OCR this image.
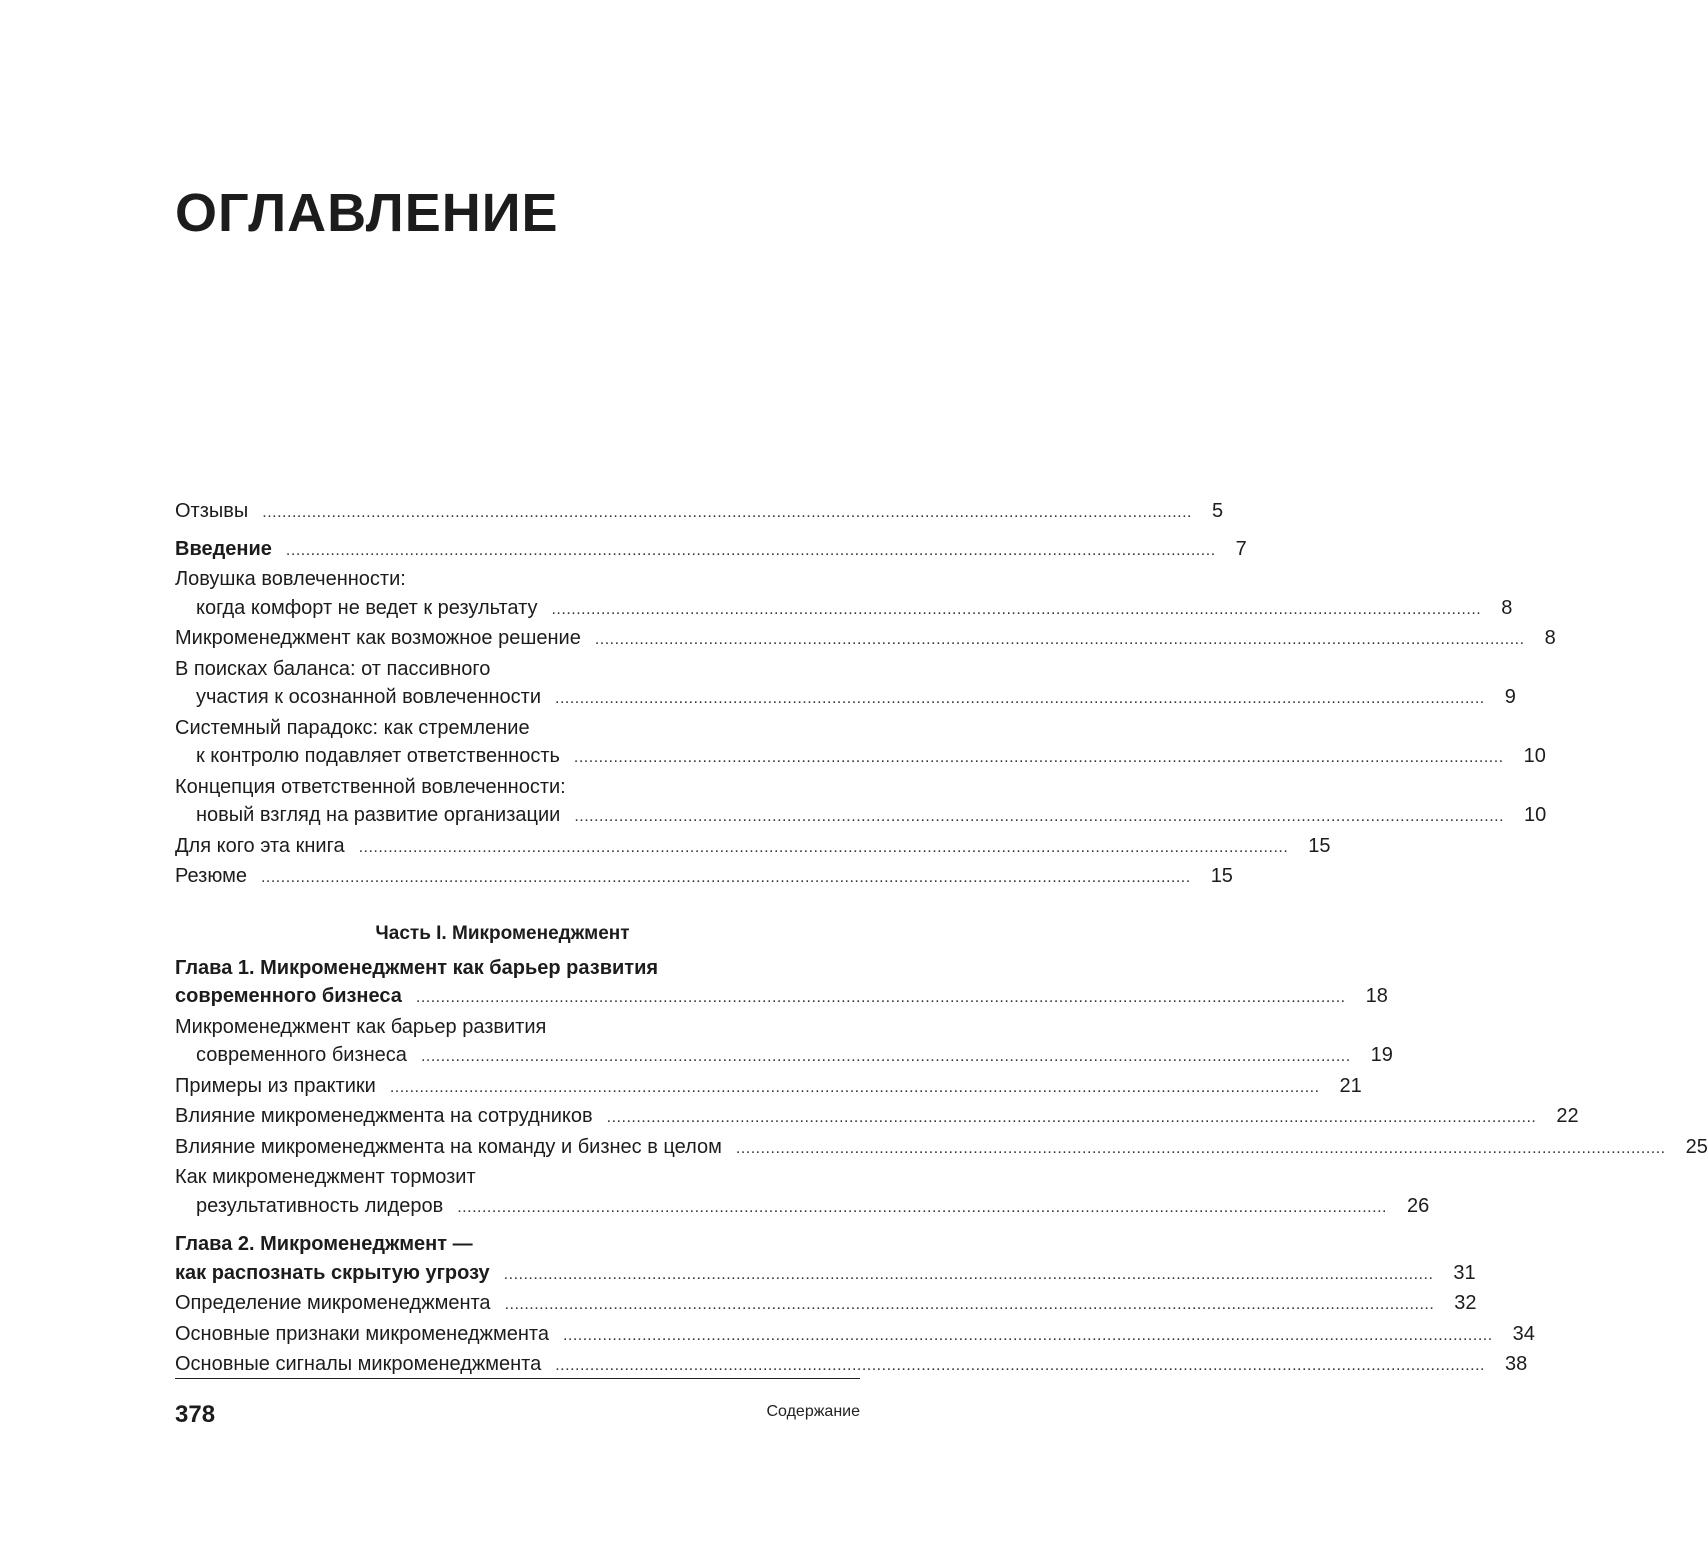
ОГЛАВЛЕНИЕ
Отзывы ............................................................................................................................................................................................ 5
Введение ............................................................................................................................................................................................ 7
Ловушка вовлеченности:
когда комфорт не ведет к результату ............................................................................................................................................................................................ 8
Микроменеджмент как возможное решение ............................................................................................................................................................................................ 8
В поисках баланса: от пассивного
участия к осознанной вовлеченности ............................................................................................................................................................................................ 9
Системный парадокс: как стремление
к контролю подавляет ответственность ............................................................................................................................................................................................ 10
Концепция ответственной вовлеченности:
новый взгляд на развитие организации ............................................................................................................................................................................................ 10
Для кого эта книга ............................................................................................................................................................................................ 15
Резюме ............................................................................................................................................................................................ 15
Часть I. Микроменеджмент
Глава 1. Микроменеджмент как барьер развития
современного бизнеса ............................................................................................................................................................................................ 18
Микроменеджмент как барьер развития
современного бизнеса ............................................................................................................................................................................................ 19
Примеры из практики ............................................................................................................................................................................................ 21
Влияние микроменеджмента на сотрудников ............................................................................................................................................................................................ 22
Влияние микроменеджмента на команду и бизнес в целом ............................................................................................................................................................................................ 25
Как микроменеджмент тормозит
результативность лидеров ............................................................................................................................................................................................ 26
Глава 2. Микроменеджмент —
как распознать скрытую угрозу ............................................................................................................................................................................................ 31
Определение микроменеджмента ............................................................................................................................................................................................ 32
Основные признаки микроменеджмента ............................................................................................................................................................................................ 34
Основные сигналы микроменеджмента ............................................................................................................................................................................................ 38
378	Содержание
